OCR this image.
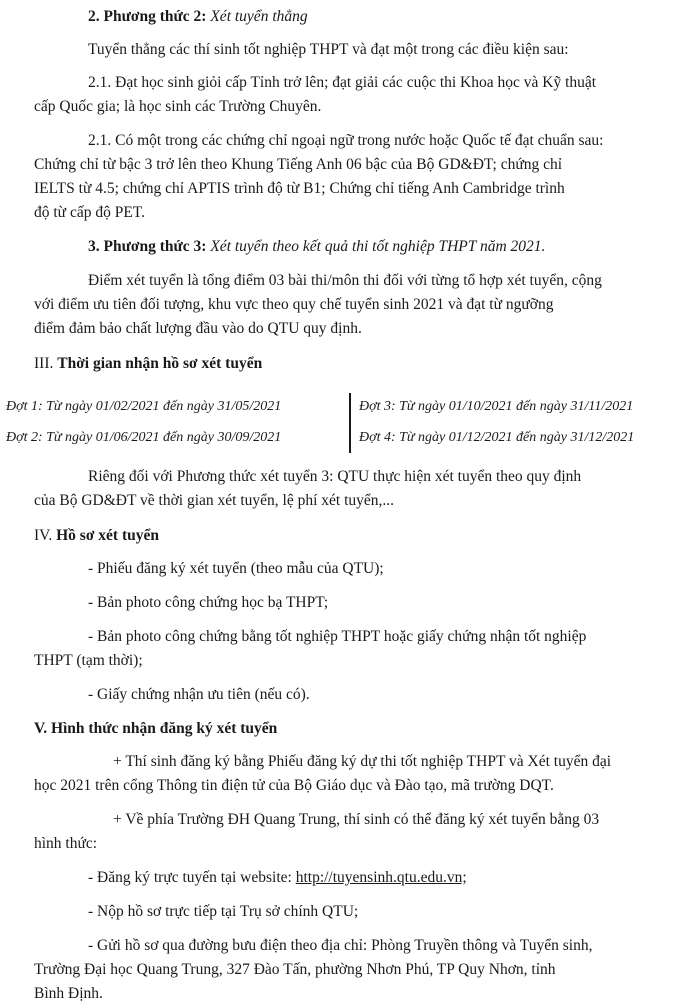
2. Phương thức 2: Xét tuyển thẳng
Tuyển thẳng các thí sinh tốt nghiệp THPT và đạt một trong các điều kiện sau:
2.1. Đạt học sinh giỏi cấp Tỉnh trở lên; đạt giải các cuộc thi Khoa học và Kỹ thuật
cấp Quốc gia; là học sinh các Trường Chuyên.
2.1. Có một trong các chứng chỉ ngoại ngữ trong nước hoặc Quốc tế đạt chuẩn sau:
Chứng chỉ từ bậc 3 trở lên theo Khung Tiếng Anh 06 bậc của Bộ GD&ĐT; chứng chỉ
IELTS từ 4.5; chứng chỉ APTIS trình độ từ B1; Chứng chỉ tiếng Anh Cambridge trình
độ từ cấp độ PET.
3. Phương thức 3: Xét tuyển theo kết quả thi tốt nghiệp THPT năm 2021.
Điểm xét tuyển là tổng điểm 03 bài thi/môn thi đối với từng tổ hợp xét tuyển, cộng
với điểm ưu tiên đối tượng, khu vực theo quy chế tuyển sinh 2021 và đạt từ ngưỡng
điểm đảm bảo chất lượng đầu vào do QTU quy định.
III. Thời gian nhận hồ sơ xét tuyển
Đợt 1: Từ ngày 01/02/2021 đến ngày 31/05/2021
Đợt 2: Từ ngày 01/06/2021 đến ngày 30/09/2021
Đợt 3: Từ ngày 01/10/2021 đến ngày 31/11/2021
Đợt 4: Từ ngày 01/12/2021 đến ngày 31/12/2021
Riêng đối với Phương thức xét tuyển 3: QTU thực hiện xét tuyển theo quy định
của Bộ GD&ĐT về thời gian xét tuyển, lệ phí xét tuyển,...
IV. Hồ sơ xét tuyển
- Phiếu đăng ký xét tuyển (theo mẫu của QTU);
- Bản photo công chứng học bạ THPT;
- Bản photo công chứng bằng tốt nghiệp THPT hoặc giấy chứng nhận tốt nghiệp
THPT (tạm thời);
- Giấy chứng nhận ưu tiên (nếu có).
V. Hình thức nhận đăng ký xét tuyển
+ Thí sinh đăng ký bằng Phiếu đăng ký dự thi tốt nghiệp THPT và Xét tuyển đại
học 2021 trên cổng Thông tin điện tử của Bộ Giáo dục và Đào tạo, mã trường DQT.
+ Về phía Trường ĐH Quang Trung, thí sinh có thể đăng ký xét tuyển bằng 03
hình thức:
- Đăng ký trực tuyến tại website: http://tuyensinh.qtu.edu.vn;
- Nộp hồ sơ trực tiếp tại Trụ sở chính QTU;
- Gửi hồ sơ qua đường bưu điện theo địa chỉ: Phòng Truyền thông và Tuyển sinh,
Trường Đại học Quang Trung, 327 Đào Tấn, phường Nhơn Phú, TP Quy Nhơn, tỉnh
Bình Định.
